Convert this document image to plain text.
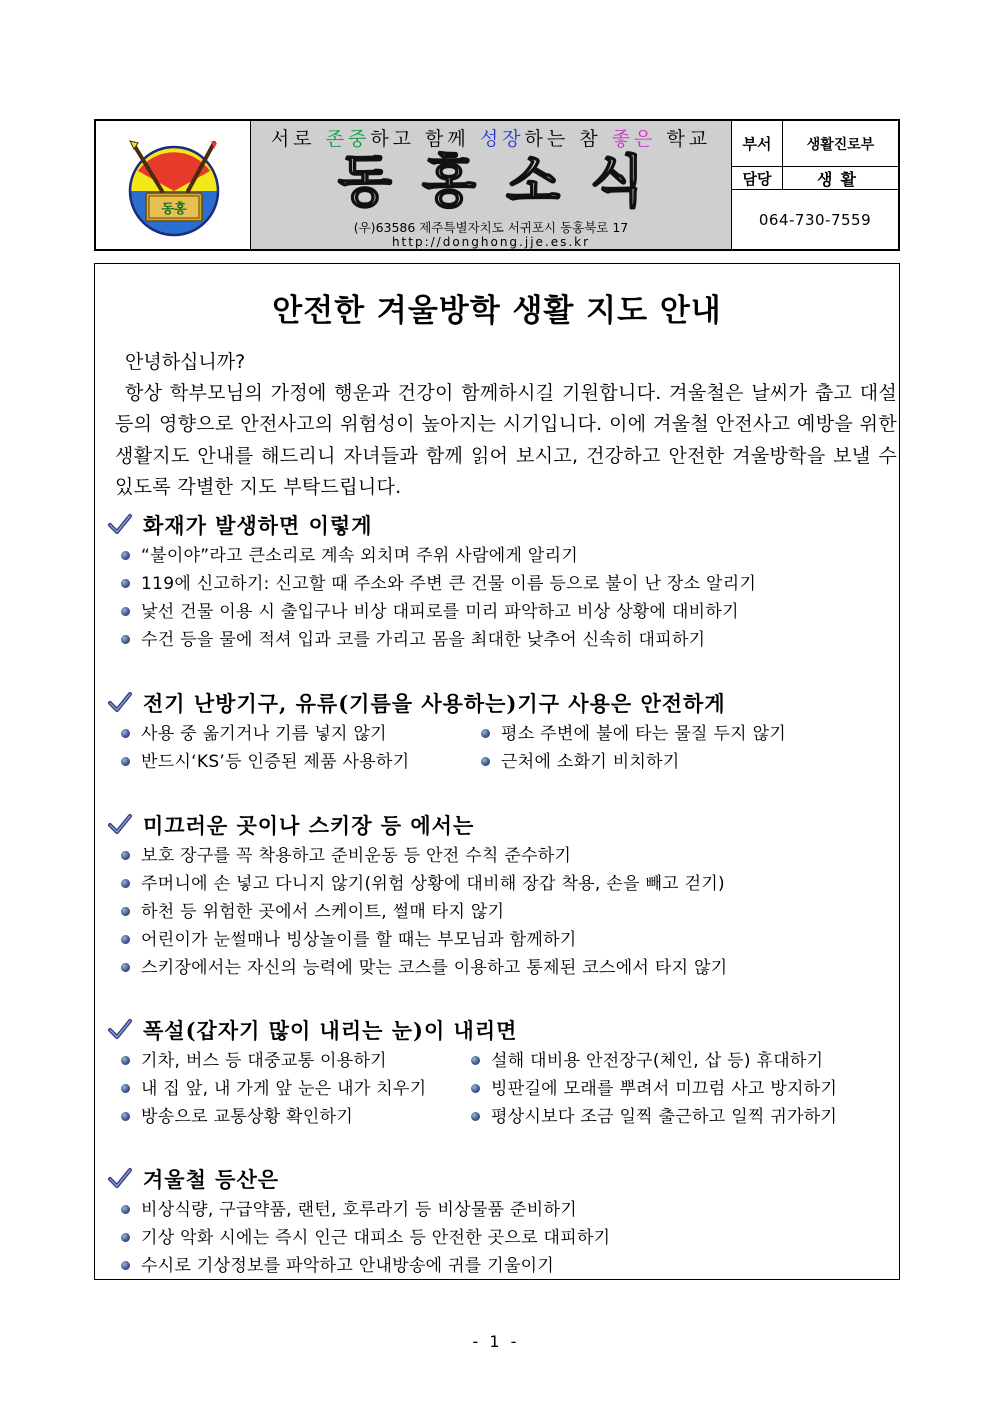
동홍
서로 존중하고 함께 성장하는 참 좋은 학교
동홍소식
(우)63586 제주특별자치도 서귀포시 동홍북로 17
http://donghong.jje.es.kr
부서	생활진로부
담당	생활
064-730-7559
안전한 겨울방학 생활 지도 안내

안녕하십니까?

항상 학부모님의 가정에 행운과 건강이 함께하시길 기원합니다. 겨울철은 날씨가 춥고 대설 등의 영향으로 안전사고의 위험성이 높아지는 시기입니다. 이에 겨울철 안전사고 예방을 위한 생활지도 안내를 해드리니 자녀들과 함께 읽어 보시고, 건강하고 안전한 겨울방학을 보낼 수 있도록 각별한 지도 부탁드립니다.

화재가 발생하면 이렇게
“불이야”라고 큰소리로 계속 외치며 주위 사람에게 알리기
119에 신고하기: 신고할 때 주소와 주변 큰 건물 이름 등으로 불이 난 장소 알리기
낯선 건물 이용 시 출입구나 비상 대피로를 미리 파악하고 비상 상황에 대비하기
수건 등을 물에 적셔 입과 코를 가리고 몸을 최대한 낮추어 신속히 대피하기
전기 난방기구, 유류(기름을 사용하는)기구 사용은 안전하게
사용 중 옮기거나 기름 넣지 않기	평소 주변에 불에 타는 물질 두지 않기
반드시‘KS’등 인증된 제품 사용하기	근처에 소화기 비치하기
미끄러운 곳이나 스키장 등 에서는
보호 장구를 꼭 착용하고 준비운동 등 안전 수칙 준수하기
주머니에 손 넣고 다니지 않기(위험 상황에 대비해 장갑 착용, 손을 빼고 걷기)
하천 등 위험한 곳에서 스케이트, 썰매 타지 않기
어린이가 눈썰매나 빙상놀이를 할 때는 부모님과 함께하기
스키장에서는 자신의 능력에 맞는 코스를 이용하고 통제된 코스에서 타지 않기
폭설(갑자기 많이 내리는 눈)이 내리면
기차, 버스 등 대중교통 이용하기	설해 대비용 안전장구(체인, 삽 등) 휴대하기
내 집 앞, 내 가게 앞 눈은 내가 치우기	빙판길에 모래를 뿌려서 미끄럼 사고 방지하기
방송으로 교통상황 확인하기	평상시보다 조금 일찍 출근하고 일찍 귀가하기
겨울철 등산은
비상식량, 구급약품, 랜턴, 호루라기 등 비상물품 준비하기
기상 악화 시에는 즉시 인근 대피소 등 안전한 곳으로 대피하기
수시로 기상정보를 파악하고 안내방송에 귀를 기울이기
- 1 -
